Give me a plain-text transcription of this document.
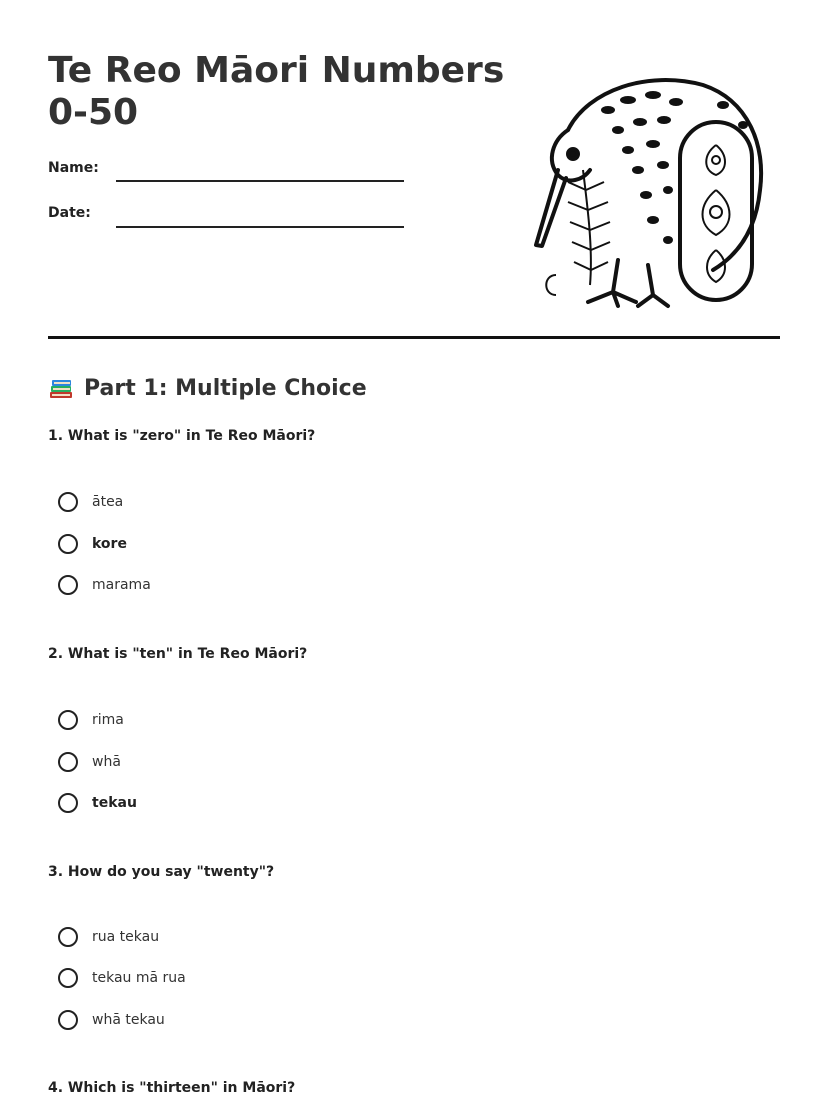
Te Reo Māori Numbers
0-50
Name:
Date:
Part 1: Multiple Choice

1. What is "zero" in Te Reo Māori?

ātea
kore
marama

2. What is "ten" in Te Reo Māori?

rima
whā
tekau

3. How do you say "twenty"?

rua tekau
tekau mā rua
whā tekau

4. Which is "thirteen" in Māori?
